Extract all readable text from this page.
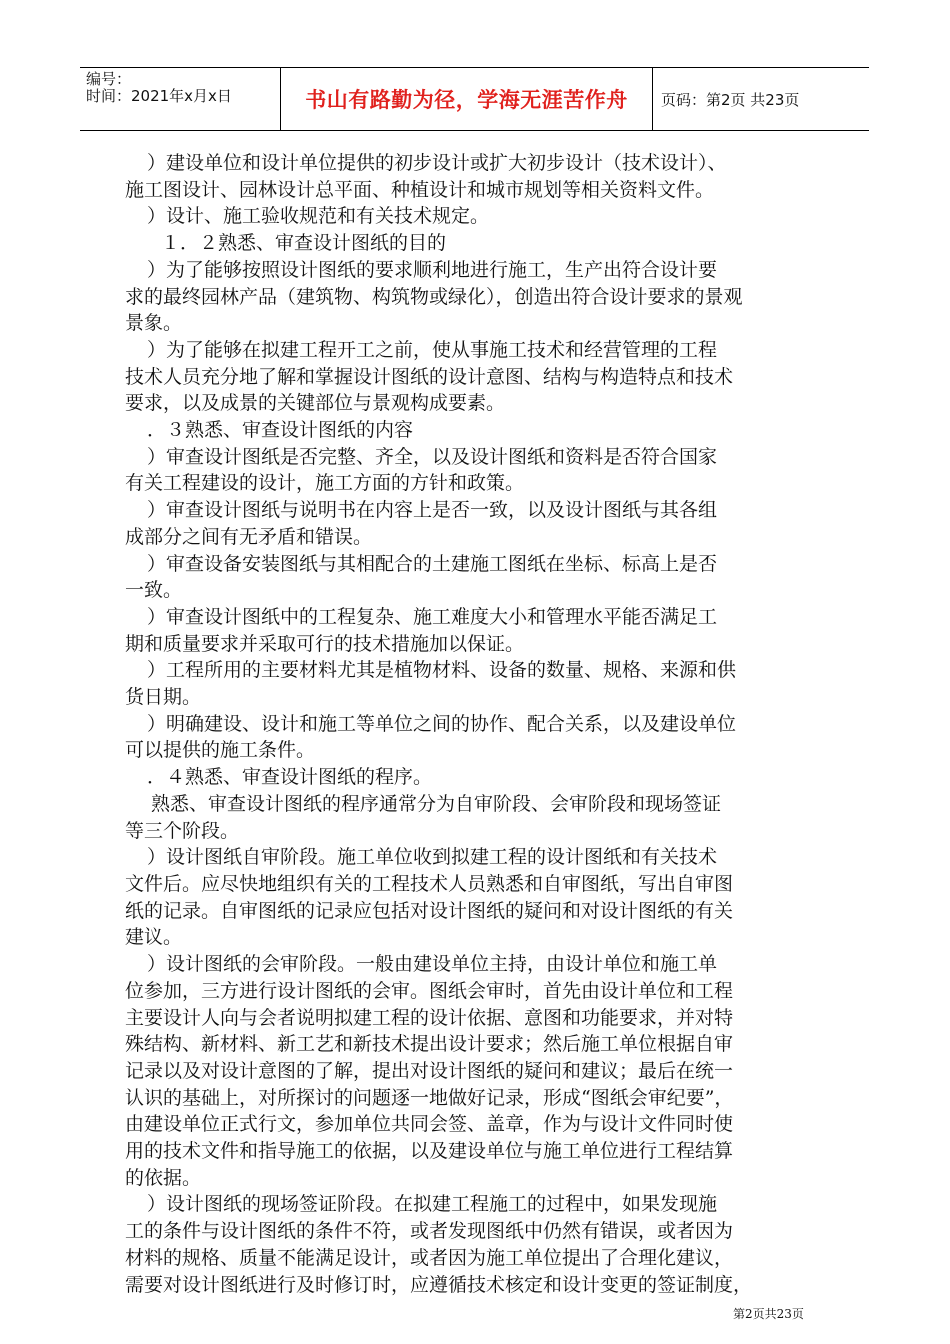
编号：
时间：2021年x月x日	书山有路勤为径，学海无涯苦作舟 页码：第2页 共23页

）建设单位和设计单位提供的初步设计或扩大初步设计（技术设计）、

施工图设计、园林设计总平面、种植设计和城市规划等相关资料文件。

）设计、施工验收规范和有关技术规定。

１．２熟悉、审查设计图纸的目的

）为了能够按照设计图纸的要求顺利地进行施工，生产出符合设计要

求的最终园林产品（建筑物、构筑物或绿化），创造出符合设计要求的景观

景象。

）为了能够在拟建工程开工之前，使从事施工技术和经营管理的工程

技术人员充分地了解和掌握设计图纸的设计意图、结构与构造特点和技术

要求，以及成景的关键部位与景观构成要素。

．３熟悉、审查设计图纸的内容

）审查设计图纸是否完整、齐全，以及设计图纸和资料是否符合国家

有关工程建设的设计，施工方面的方针和政策。

）审查设计图纸与说明书在内容上是否一致，以及设计图纸与其各组

成部分之间有无矛盾和错误。

）审查设备安装图纸与其相配合的土建施工图纸在坐标、标高上是否

一致。

）审查设计图纸中的工程复杂、施工难度大小和管理水平能否满足工

期和质量要求并采取可行的技术措施加以保证。

）工程所用的主要材料尤其是植物材料、设备的数量、规格、来源和供

货日期。

）明确建设、设计和施工等单位之间的协作、配合关系，以及建设单位

可以提供的施工条件。

．４熟悉、审查设计图纸的程序。

熟悉、审查设计图纸的程序通常分为自审阶段、会审阶段和现场签证

等三个阶段。

）设计图纸自审阶段。施工单位收到拟建工程的设计图纸和有关技术

文件后。应尽快地组织有关的工程技术人员熟悉和自审图纸，写出自审图

纸的记录。自审图纸的记录应包括对设计图纸的疑问和对设计图纸的有关

建议。

）设计图纸的会审阶段。一般由建设单位主持，由设计单位和施工单

位参加，三方进行设计图纸的会审。图纸会审时，首先由设计单位和工程

主要设计人向与会者说明拟建工程的设计依据、意图和功能要求，并对特

殊结构、新材料、新工艺和新技术提出设计要求；然后施工单位根据自审

记录以及对设计意图的了解，提出对设计图纸的疑问和建议；最后在统一

认识的基础上，对所探讨的问题逐一地做好记录，形成“图纸会审纪要”，

由建设单位正式行文，参加单位共同会签、盖章，作为与设计文件同时使

用的技术文件和指导施工的依据，以及建设单位与施工单位进行工程结算

的依据。

）设计图纸的现场签证阶段。在拟建工程施工的过程中，如果发现施

工的条件与设计图纸的条件不符，或者发现图纸中仍然有错误，或者因为

材料的规格、质量不能满足设计，或者因为施工单位提出了合理化建议，

需要对设计图纸进行及时修订时，应遵循技术核定和设计变更的签证制度，

第2页共23页
